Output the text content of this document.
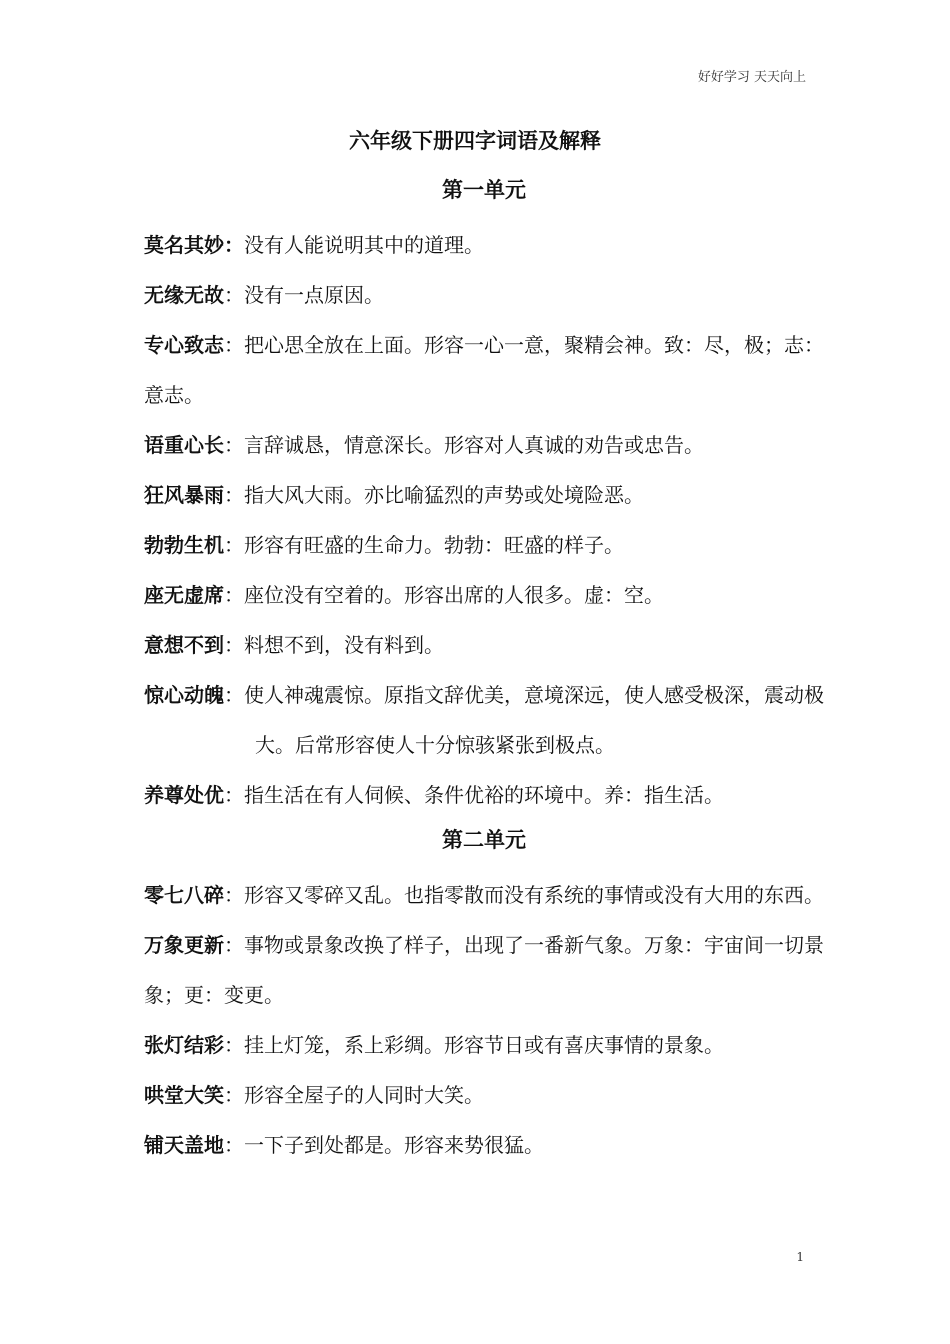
好好学习 天天向上
六年级下册四字词语及解释
第一单元
莫名其妙：没有人能说明其中的道理。
无缘无故：没有一点原因。
专心致志：把心思全放在上面。形容一心一意，聚精会神。致：尽，极；志：意志。
语重心长：言辞诚恳，情意深长。形容对人真诚的劝告或忠告。
狂风暴雨：指大风大雨。亦比喻猛烈的声势或处境险恶。
勃勃生机：形容有旺盛的生命力。勃勃：旺盛的样子。
座无虚席：座位没有空着的。形容出席的人很多。虚：空。
意想不到：料想不到，没有料到。
惊心动魄：使人神魂震惊。原指文辞优美，意境深远，使人感受极深，震动极大。后常形容使人十分惊骇紧张到极点。
养尊处优：指生活在有人伺候、条件优裕的环境中。养：指生活。
第二单元
零七八碎：形容又零碎又乱。也指零散而没有系统的事情或没有大用的东西。
万象更新：事物或景象改换了样子，出现了一番新气象。万象：宇宙间一切景象；更：变更。
张灯结彩：挂上灯笼，系上彩绸。形容节日或有喜庆事情的景象。
哄堂大笑：形容全屋子的人同时大笑。
铺天盖地：一下子到处都是。形容来势很猛。
1
